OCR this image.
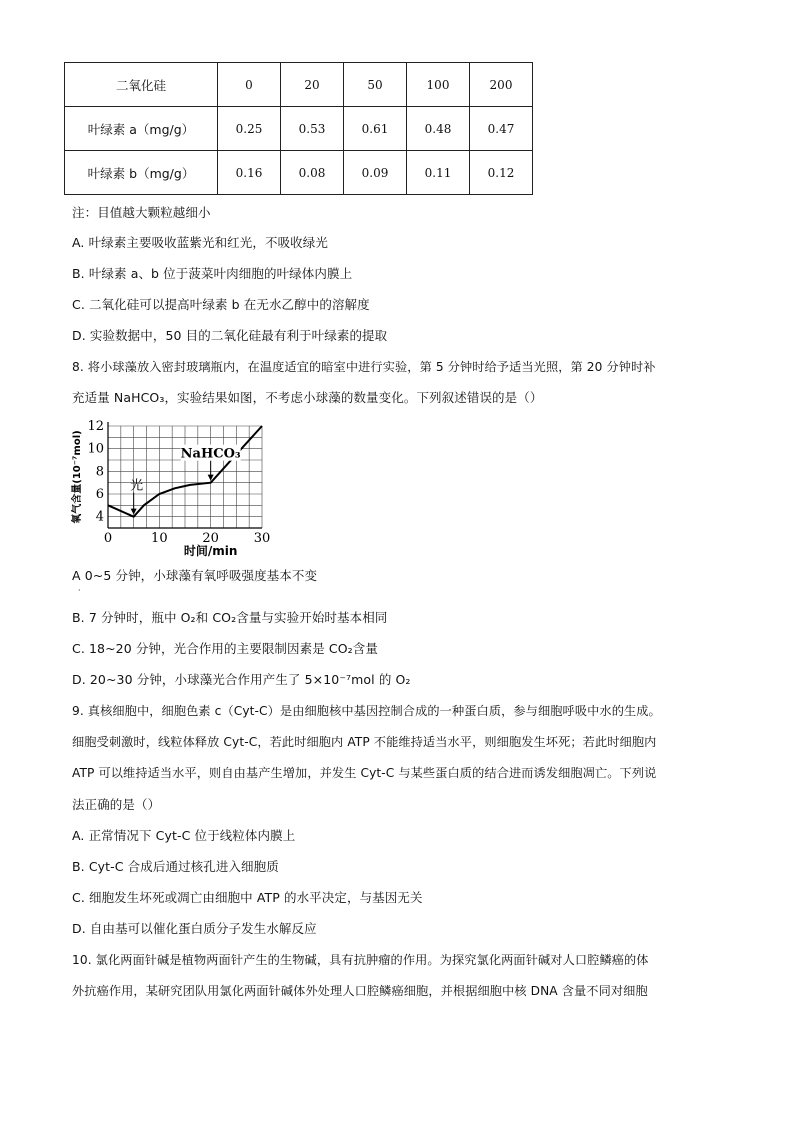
二氧化硅	0	20	50	100	200
叶绿素 a（mg/g）	0.25	0.53	0.61	0.48	0.47
叶绿素 b（mg/g）	0.16	0.08	0.09	0.11	0.12
注：目值越大颗粒越细小
A. 叶绿素主要吸收蓝紫光和红光，不吸收绿光
B. 叶绿素 a、b 位于菠菜叶肉细胞的叶绿体内膜上
C. 二氧化硅可以提高叶绿素 b 在无水乙醇中的溶解度
D. 实验数据中，50 目的二氧化硅最有利于叶绿素的提取
8. 将小球藻放入密封玻璃瓶内，在温度适宜的暗室中进行实验，第 5 分钟时给予适当光照，第 20 分钟时补
充适量 NaHCO₃，实验结果如图，不考虑小球藻的数量变化。下列叙述错误的是（）
0	10	20	30
4
6
8
10
12
时间/min
氧气含量(10⁻⁷mol)	光
NaHCO₃
A 0~5 分钟，小球藻有氧呼吸强度基本不变
·
B. 7 分钟时，瓶中 O₂和 CO₂含量与实验开始时基本相同
C. 18~20 分钟，光合作用的主要限制因素是 CO₂含量
D. 20~30 分钟，小球藻光合作用产生了 5×10⁻⁷mol 的 O₂
9. 真核细胞中，细胞色素 c（Cyt-C）是由细胞核中基因控制合成的一种蛋白质，参与细胞呼吸中水的生成。
细胞受刺激时，线粒体释放 Cyt-C，若此时细胞内 ATP 不能维持适当水平，则细胞发生坏死；若此时细胞内
ATP 可以维持适当水平，则自由基产生增加，并发生 Cyt-C 与某些蛋白质的结合进而诱发细胞凋亡。下列说
法正确的是（）
A. 正常情况下 Cyt-C 位于线粒体内膜上
B. Cyt-C 合成后通过核孔进入细胞质
C. 细胞发生坏死或凋亡由细胞中 ATP 的水平决定，与基因无关
D. 自由基可以催化蛋白质分子发生水解反应
10. 氯化两面针碱是植物两面针产生的生物碱，具有抗肿瘤的作用。为探究氯化两面针碱对人口腔鳞癌的体
外抗癌作用，某研究团队用氯化两面针碱体外处理人口腔鳞癌细胞，并根据细胞中核 DNA 含量不同对细胞
